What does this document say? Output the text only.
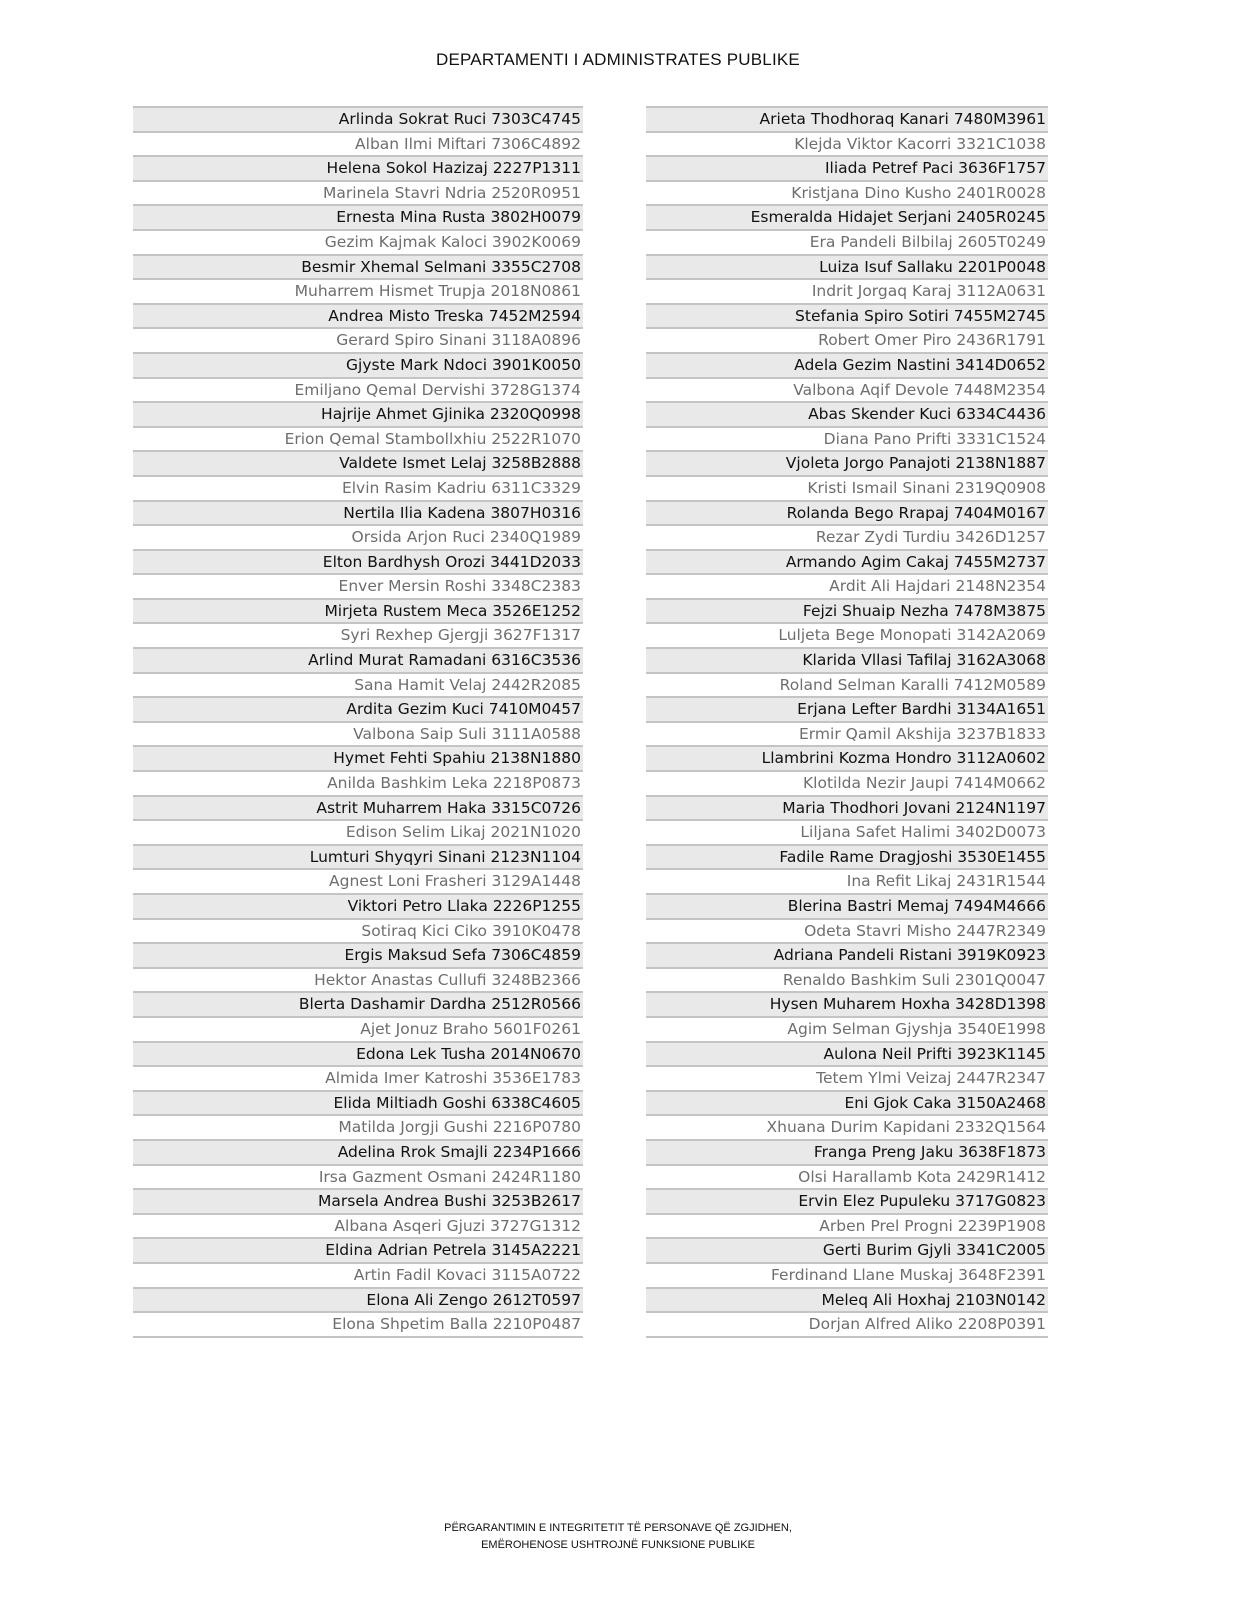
DEPARTAMENTI I ADMINISTRATES PUBLIKE
Arlinda Sokrat Ruci 7303C4745
Alban Ilmi Miftari 7306C4892
Helena Sokol Hazizaj 2227P1311
Marinela Stavri Ndria 2520R0951
Ernesta Mina Rusta 3802H0079
Gezim Kajmak Kaloci 3902K0069
Besmir Xhemal Selmani 3355C2708
Muharrem Hismet Trupja 2018N0861
Andrea Misto Treska 7452M2594
Gerard Spiro Sinani 3118A0896
Gjyste Mark Ndoci 3901K0050
Emiljano Qemal Dervishi 3728G1374
Hajrije Ahmet Gjinika 2320Q0998
Erion Qemal Stambollxhiu 2522R1070
Valdete Ismet Lelaj 3258B2888
Elvin Rasim Kadriu 6311C3329
Nertila Ilia Kadena 3807H0316
Orsida Arjon Ruci 2340Q1989
Elton Bardhysh Orozi 3441D2033
Enver Mersin Roshi 3348C2383
Mirjeta Rustem Meca 3526E1252
Syri Rexhep Gjergji 3627F1317
Arlind Murat Ramadani 6316C3536
Sana Hamit Velaj 2442R2085
Ardita Gezim Kuci 7410M0457
Valbona Saip Suli 3111A0588
Hymet Fehti Spahiu 2138N1880
Anilda Bashkim Leka 2218P0873
Astrit Muharrem Haka 3315C0726
Edison Selim Likaj 2021N1020
Lumturi Shyqyri Sinani 2123N1104
Agnest Loni Frasheri 3129A1448
Viktori Petro Llaka 2226P1255
Sotiraq Kici Ciko 3910K0478
Ergis Maksud Sefa 7306C4859
Hektor Anastas Cullufi 3248B2366
Blerta Dashamir Dardha 2512R0566
Ajet Jonuz Braho 5601F0261
Edona Lek Tusha 2014N0670
Almida Imer Katroshi 3536E1783
Elida Miltiadh Goshi 6338C4605
Matilda Jorgji Gushi 2216P0780
Adelina Rrok Smajli 2234P1666
Irsa Gazment Osmani 2424R1180
Marsela Andrea Bushi 3253B2617
Albana Asqeri Gjuzi 3727G1312
Eldina Adrian Petrela 3145A2221
Artin Fadil Kovaci 3115A0722
Elona Ali Zengo 2612T0597
Elona Shpetim Balla 2210P0487
Arieta Thodhoraq Kanari 7480M3961
Klejda Viktor Kacorri 3321C1038
Iliada Petref Paci 3636F1757
Kristjana Dino Kusho 2401R0028
Esmeralda Hidajet Serjani 2405R0245
Era Pandeli Bilbilaj 2605T0249
Luiza Isuf Sallaku 2201P0048
Indrit Jorgaq Karaj 3112A0631
Stefania Spiro Sotiri 7455M2745
Robert Omer Piro 2436R1791
Adela Gezim Nastini 3414D0652
Valbona Aqif Devole 7448M2354
Abas Skender Kuci 6334C4436
Diana Pano Prifti 3331C1524
Vjoleta Jorgo Panajoti 2138N1887
Kristi Ismail Sinani 2319Q0908
Rolanda Bego Rrapaj 7404M0167
Rezar Zydi Turdiu 3426D1257
Armando Agim Cakaj 7455M2737
Ardit Ali Hajdari 2148N2354
Fejzi Shuaip Nezha 7478M3875
Luljeta Bege Monopati 3142A2069
Klarida Vllasi Tafilaj 3162A3068
Roland Selman Karalli 7412M0589
Erjana Lefter Bardhi 3134A1651
Ermir Qamil Akshija 3237B1833
Llambrini Kozma Hondro 3112A0602
Klotilda Nezir Jaupi 7414M0662
Maria Thodhori Jovani 2124N1197
Liljana Safet Halimi 3402D0073
Fadile Rame Dragjoshi 3530E1455
Ina Refit Likaj 2431R1544
Blerina Bastri Memaj 7494M4666
Odeta Stavri Misho 2447R2349
Adriana Pandeli Ristani 3919K0923
Renaldo Bashkim Suli 2301Q0047
Hysen Muharem Hoxha 3428D1398
Agim Selman Gjyshja 3540E1998
Aulona Neil Prifti 3923K1145
Tetem Ylmi Veizaj 2447R2347
Eni Gjok Caka 3150A2468
Xhuana Durim Kapidani 2332Q1564
Franga Preng Jaku 3638F1873
Olsi Harallamb Kota 2429R1412
Ervin Elez Pupuleku 3717G0823
Arben Prel Progni 2239P1908
Gerti Burim Gjyli 3341C2005
Ferdinand Llane Muskaj 3648F2391
Meleq Ali Hoxhaj 2103N0142
Dorjan Alfred Aliko 2208P0391
PËRGARANTIMIN E INTEGRITETIT TË PERSONAVE QË ZGJIDHEN,
EMËROHENOSE USHTROJNË FUNKSIONE PUBLIKE
